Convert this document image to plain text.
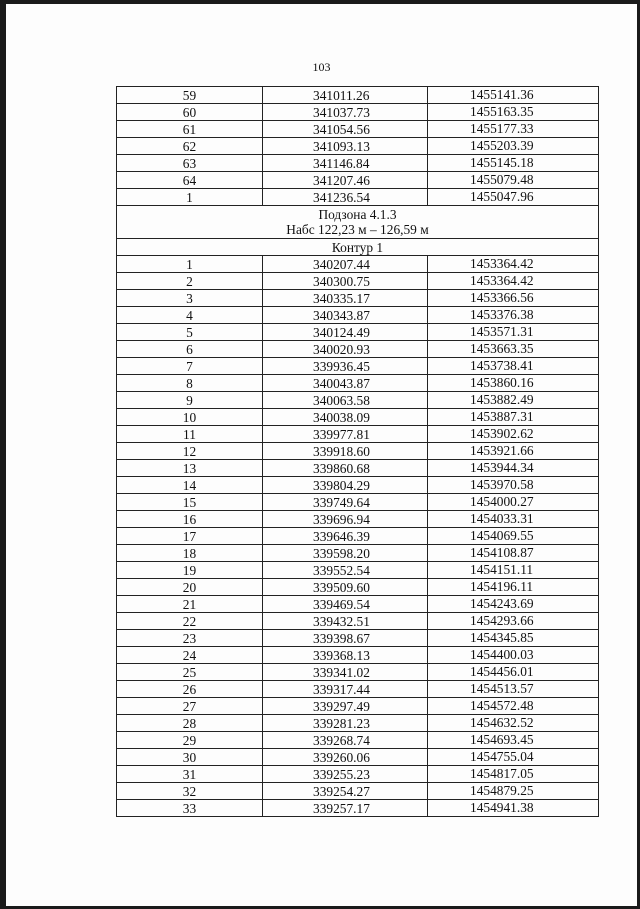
103
59	341011.26	1455141.36
60	341037.73	1455163.35
61	341054.56	1455177.33
62	341093.13	1455203.39
63	341146.84	1455145.18
64	341207.46	1455079.48
1	341236.54	1455047.96

Подзона 4.1.3
Набс 122,23 м – 126,59 м		

Контур 1		
1	340207.44	1453364.42
2	340300.75	1453364.42
3	340335.17	1453366.56
4	340343.87	1453376.38
5	340124.49	1453571.31
6	340020.93	1453663.35
7	339936.45	1453738.41
8	340043.87	1453860.16
9	340063.58	1453882.49
10	340038.09	1453887.31
11	339977.81	1453902.62
12	339918.60	1453921.66
13	339860.68	1453944.34
14	339804.29	1453970.58
15	339749.64	1454000.27
16	339696.94	1454033.31
17	339646.39	1454069.55
18	339598.20	1454108.87
19	339552.54	1454151.11
20	339509.60	1454196.11
21	339469.54	1454243.69
22	339432.51	1454293.66
23	339398.67	1454345.85
24	339368.13	1454400.03
25	339341.02	1454456.01
26	339317.44	1454513.57
27	339297.49	1454572.48
28	339281.23	1454632.52
29	339268.74	1454693.45
30	339260.06	1454755.04
31	339255.23	1454817.05
32	339254.27	1454879.25
33	339257.17	1454941.38
